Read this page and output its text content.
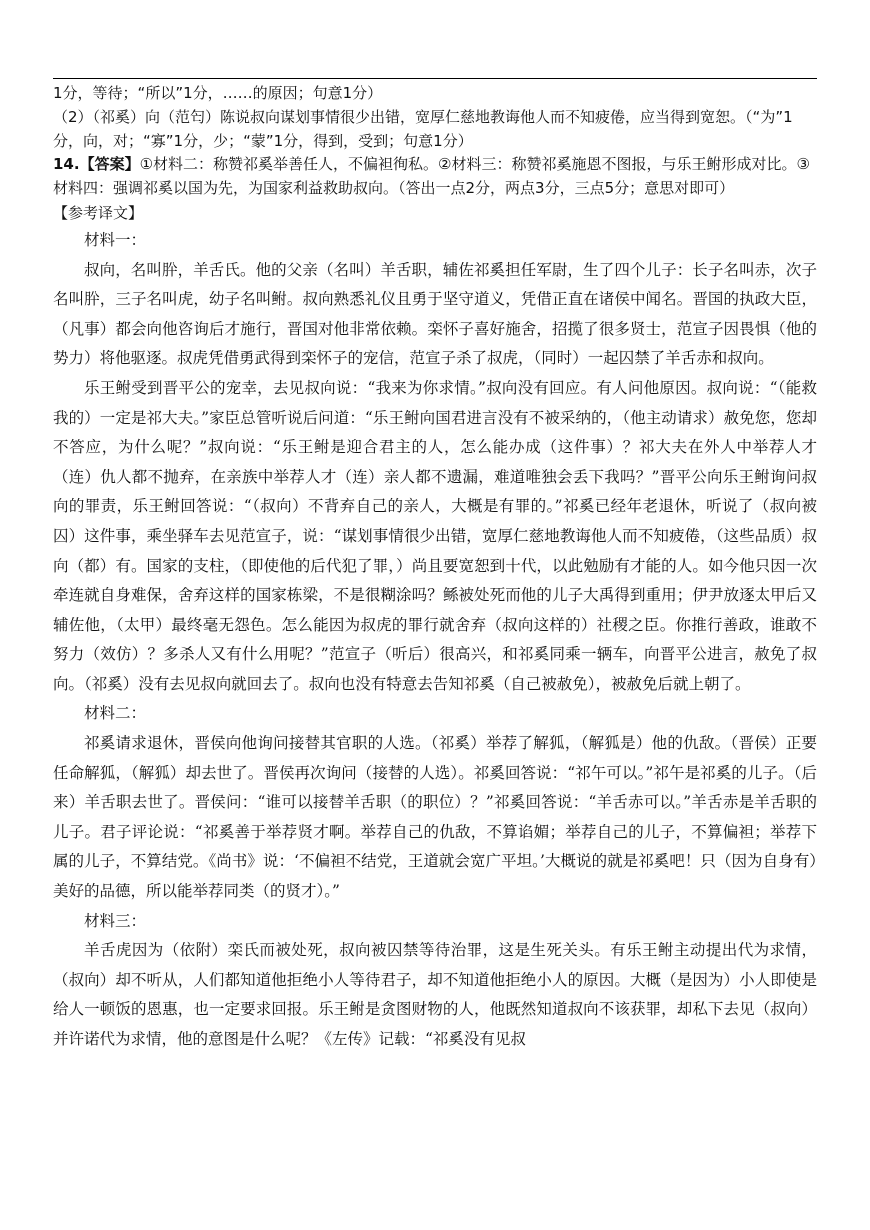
1分，等待；“所以”1分，……的原因；句意1分）

（2）（祁奚）向（范匄）陈说叔向谋划事情很少出错，宽厚仁慈地教诲他人而不知疲倦，应当得到宽恕。（“为”1分，向，对；“寡”1分，少；“蒙”1分，得到，受到；句意1分）

14.【答案】①材料二：称赞祁奚举善任人，不偏袒徇私。②材料三：称赞祁奚施恩不图报，与乐王鲋形成对比。③材料四：强调祁奚以国为先，为国家利益救助叔向。（答出一点2分，两点3分，三点5分；意思对即可）

【参考译文】

材料一：

叔向，名叫肸，羊舌氏。他的父亲（名叫）羊舌职，辅佐祁奚担任军尉，生了四个儿子：长子名叫赤，次子名叫肸，三子名叫虎，幼子名叫鲋。叔向熟悉礼仪且勇于坚守道义，凭借正直在诸侯中闻名。晋国的执政大臣，（凡事）都会向他咨询后才施行，晋国对他非常依赖。栾怀子喜好施舍，招揽了很多贤士，范宣子因畏惧（他的势力）将他驱逐。叔虎凭借勇武得到栾怀子的宠信，范宣子杀了叔虎，（同时）一起囚禁了羊舌赤和叔向。

乐王鲋受到晋平公的宠幸，去见叔向说：“我来为你求情。”叔向没有回应。有人问他原因。叔向说：“（能救我的）一定是祁大夫。”家臣总管听说后问道：“乐王鲋向国君进言没有不被采纳的，（他主动请求）赦免您，您却不答应，为什么呢？”叔向说：“乐王鲋是迎合君主的人，怎么能办成（这件事）？祁大夫在外人中举荐人才（连）仇人都不抛弃，在亲族中举荐人才（连）亲人都不遗漏，难道唯独会丢下我吗？”晋平公向乐王鲋询问叔向的罪责，乐王鲋回答说：“（叔向）不背弃自己的亲人，大概是有罪的。”祁奚已经年老退休，听说了（叔向被囚）这件事，乘坐驿车去见范宣子，说：“谋划事情很少出错，宽厚仁慈地教诲他人而不知疲倦，（这些品质）叔向（都）有。国家的支柱，（即使他的后代犯了罪，）尚且要宽恕到十代，以此勉励有才能的人。如今他只因一次牵连就自身难保，舍弃这样的国家栋梁，不是很糊涂吗？鲧被处死而他的儿子大禹得到重用；伊尹放逐太甲后又辅佐他，（太甲）最终毫无怨色。怎么能因为叔虎的罪行就舍弃（叔向这样的）社稷之臣。你推行善政，谁敢不努力（效仿）？多杀人又有什么用呢？”范宣子（听后）很高兴，和祁奚同乘一辆车，向晋平公进言，赦免了叔向。（祁奚）没有去见叔向就回去了。叔向也没有特意去告知祁奚（自己被赦免），被赦免后就上朝了。

材料二：

祁奚请求退休，晋侯向他询问接替其官职的人选。（祁奚）举荐了解狐，（解狐是）他的仇敌。（晋侯）正要任命解狐，（解狐）却去世了。晋侯再次询问（接替的人选）。祁奚回答说：“祁午可以。”祁午是祁奚的儿子。（后来）羊舌职去世了。晋侯问：“谁可以接替羊舌职（的职位）？”祁奚回答说：“羊舌赤可以。”羊舌赤是羊舌职的儿子。君子评论说：“祁奚善于举荐贤才啊。举荐自己的仇敌，不算谄媚；举荐自己的儿子，不算偏袒；举荐下属的儿子，不算结党。《尚书》说：‘不偏袒不结党，王道就会宽广平坦。’大概说的就是祁奚吧！只（因为自身有）美好的品德，所以能举荐同类（的贤才）。”

材料三：

羊舌虎因为（依附）栾氏而被处死，叔向被囚禁等待治罪，这是生死关头。有乐王鲋主动提出代为求情，（叔向）却不听从，人们都知道他拒绝小人等待君子，却不知道他拒绝小人的原因。大概（是因为）小人即使是给人一顿饭的恩惠，也一定要求回报。乐王鲋是贪图财物的人，他既然知道叔向不该获罪，却私下去见（叔向）并许诺代为求情，他的意图是什么呢？《左传》记载：“祁奚没有见叔
